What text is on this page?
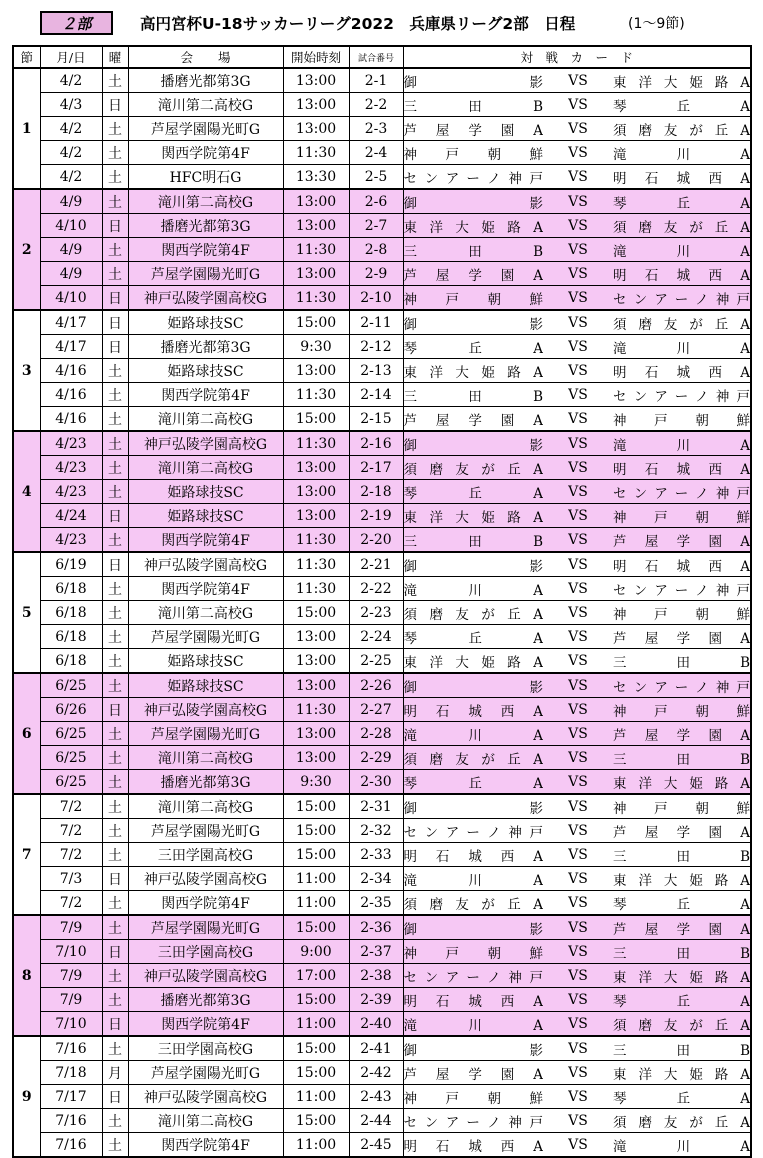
２部	高円宮杯U-18サッカーリーグ2022　兵庫県リーグ2部　日程	(1〜9節)
節	月/日	曜	会　　場	開始時刻	試合番号	対　戦　カ　ー　ド		
1	4/2	土	播磨光都第3G	13:00	2-1	御影	VS	東洋大姫路A

	4/3	日	滝川第二高校G	13:00	2-2	三田B	VS	琴丘A

	4/2	土	芦屋学園陽光町G	13:00	2-3	芦屋学園A	VS	須磨友が丘A

	4/2	土	関西学院第4F	11:30	2-4	神戸朝鮮	VS	滝川A

	4/2	土	HFC明石G	13:30	2-5	センアーノ神戸	VS	明石城西A

2	4/9	土	滝川第二高校G	13:00	2-6	御影	VS	琴丘A

	4/10	日	播磨光都第3G	13:00	2-7	東洋大姫路A	VS	須磨友が丘A

	4/9	土	関西学院第4F	11:30	2-8	三田B	VS	滝川A

	4/9	土	芦屋学園陽光町G	13:00	2-9	芦屋学園A	VS	明石城西A

	4/10	日	神戸弘陵学園高校G	11:30	2-10	神戸朝鮮	VS	センアーノ神戸

3	4/17	日	姫路球技SC	15:00	2-11	御影	VS	須磨友が丘A

	4/17	日	播磨光都第3G	9:30	2-12	琴丘A	VS	滝川A

	4/16	土	姫路球技SC	13:00	2-13	東洋大姫路A	VS	明石城西A

	4/16	土	関西学院第4F	11:30	2-14	三田B	VS	センアーノ神戸

	4/16	土	滝川第二高校G	15:00	2-15	芦屋学園A	VS	神戸朝鮮

4	4/23	土	神戸弘陵学園高校G	11:30	2-16	御影	VS	滝川A

	4/23	土	滝川第二高校G	13:00	2-17	須磨友が丘A	VS	明石城西A

	4/23	土	姫路球技SC	13:00	2-18	琴丘A	VS	センアーノ神戸

	4/24	日	姫路球技SC	13:00	2-19	東洋大姫路A	VS	神戸朝鮮

	4/23	土	関西学院第4F	11:30	2-20	三田B	VS	芦屋学園A

5	6/19	日	神戸弘陵学園高校G	11:30	2-21	御影	VS	明石城西A

	6/18	土	関西学院第4F	11:30	2-22	滝川A	VS	センアーノ神戸

	6/18	土	滝川第二高校G	15:00	2-23	須磨友が丘A	VS	神戸朝鮮

	6/18	土	芦屋学園陽光町G	13:00	2-24	琴丘A	VS	芦屋学園A

	6/18	土	姫路球技SC	13:00	2-25	東洋大姫路A	VS	三田B

6	6/25	土	姫路球技SC	13:00	2-26	御影	VS	センアーノ神戸

	6/26	日	神戸弘陵学園高校G	11:30	2-27	明石城西A	VS	神戸朝鮮

	6/25	土	芦屋学園陽光町G	13:00	2-28	滝川A	VS	芦屋学園A

	6/25	土	滝川第二高校G	13:00	2-29	須磨友が丘A	VS	三田B

	6/25	土	播磨光都第3G	9:30	2-30	琴丘A	VS	東洋大姫路A

7	7/2	土	滝川第二高校G	15:00	2-31	御影	VS	神戸朝鮮

	7/2	土	芦屋学園陽光町G	15:00	2-32	センアーノ神戸	VS	芦屋学園A

	7/2	土	三田学園高校G	15:00	2-33	明石城西A	VS	三田B

	7/3	日	神戸弘陵学園高校G	11:00	2-34	滝川A	VS	東洋大姫路A

	7/2	土	関西学院第4F	11:00	2-35	須磨友が丘A	VS	琴丘A

8	7/9	土	芦屋学園陽光町G	15:00	2-36	御影	VS	芦屋学園A

	7/10	日	三田学園高校G	9:00	2-37	神戸朝鮮	VS	三田B

	7/9	土	神戸弘陵学園高校G	17:00	2-38	センアーノ神戸	VS	東洋大姫路A

	7/9	土	播磨光都第3G	15:00	2-39	明石城西A	VS	琴丘A

	7/10	日	関西学院第4F	11:00	2-40	滝川A	VS	須磨友が丘A

9	7/16	土	三田学園高校G	15:00	2-41	御影	VS	三田B

	7/18	月	芦屋学園陽光町G	15:00	2-42	芦屋学園A	VS	東洋大姫路A

	7/17	日	神戸弘陵学園高校G	11:00	2-43	神戸朝鮮	VS	琴丘A

	7/16	土	滝川第二高校G	15:00	2-44	センアーノ神戸	VS	須磨友が丘A

	7/16	土	関西学院第4F	11:00	2-45	明石城西A	VS	滝川A
